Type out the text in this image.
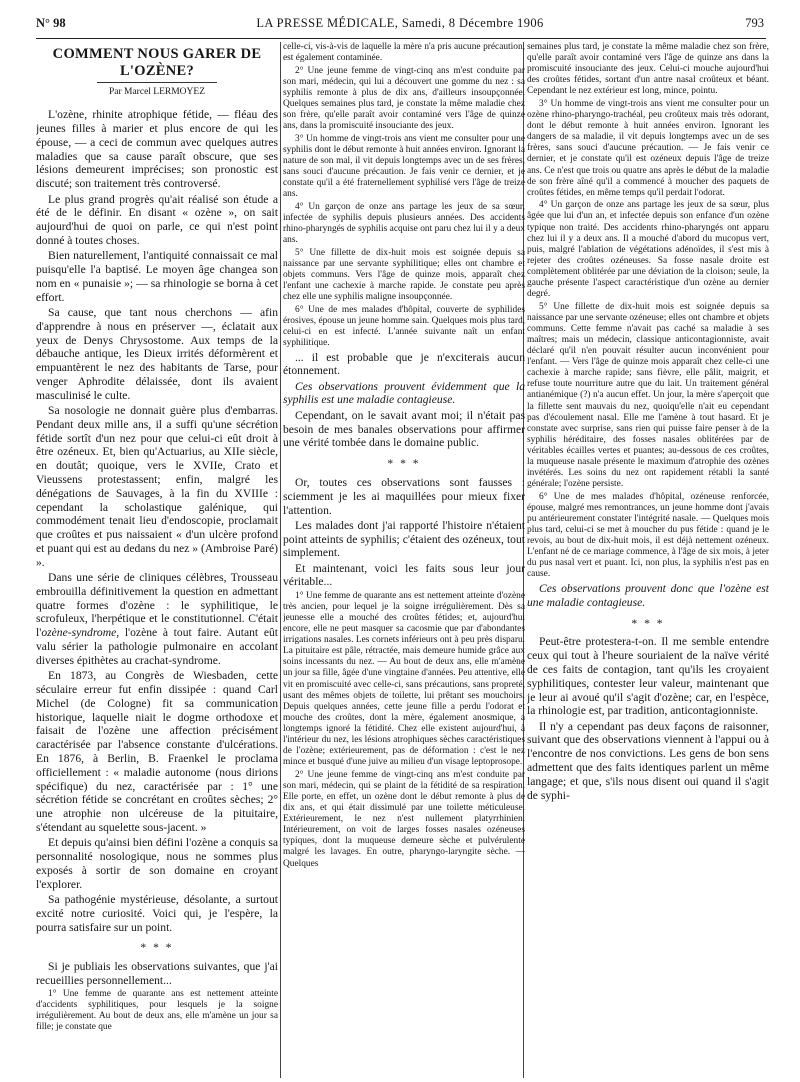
LA PRESSE MÉDICALE, Samedi, 8 Décembre 1906
N° 98	793

COMMENT NOUS GARER DE L'OZÈNE?

Par Marcel LERMOYEZ

L'ozène, rhinite atrophique fétide, — fléau des jeunes filles à marier et plus encore de qui les épouse, — a ceci de commun avec quelques autres maladies que sa cause paraît obscure, que ses lésions demeurent imprécises; son pronostic est discuté; son traitement très controversé.

Le plus grand progrès qu'ait réalisé son étude a été de le définir. En disant « ozène », on sait aujourd'hui de quoi on parle, ce qui n'est point donné à toutes choses.

Bien naturellement, l'antiquité connaissait ce mal puisqu'elle l'a baptisé. Le moyen âge changea son nom en « punaisie »; — sa rhinologie se borna à cet effort.

Sa cause, que tant nous cherchons — afin d'apprendre à nous en préserver —, éclatait aux yeux de Denys Chrysostome. Aux temps de la débauche antique, les Dieux irrités déformèrent et empuantèrent le nez des habitants de Tarse, pour venger Aphrodite délaissée, dont ils avaient masculinisé le culte.

Sa nosologie ne donnait guère plus d'embarras. Pendant deux mille ans, il a suffi qu'une sécrétion fétide sortît d'un nez pour que celui-ci eût droit à être ozéneux. Et, bien qu'Actuarius, au XIIe siècle, en doutât; quoique, vers le XVIIe, Crato et Vieussens protestassent; enfin, malgré les dénégations de Sauvages, à la fin du XVIIIe : cependant la scholastique galénique, qui commodément tenait lieu d'endoscopie, proclamait que croûtes et pus naissaient « d'un ulcère profond et puant qui est au dedans du nez » (Ambroise Paré) ».

Dans une série de cliniques célèbres, Trousseau embrouilla définitivement la question en admettant quatre formes d'ozène : le syphilitique, le scrofuleux, l'herpétique et le constitutionnel. C'était l'ozène-syndrome, l'ozène à tout faire. Autant eût valu sérier la pathologie pulmonaire en accolant diverses épithètes au crachat-syndrome.

En 1873, au Congrès de Wiesbaden, cette séculaire erreur fut enfin dissipée : quand Carl Michel (de Cologne) fit sa communication historique, laquelle niait le dogme orthodoxe et faisait de l'ozène une affection précisément caractérisée par l'absence constante d'ulcérations. En 1876, à Berlin, B. Fraenkel le proclama officiellement : « maladie autonome (nous dirions spécifique) du nez, caractérisée par : 1° une sécrétion fétide se concrétant en croûtes sèches; 2° une atrophie non ulcéreuse de la pituitaire, s'étendant au squelette sous-jacent. »

Et depuis qu'ainsi bien défini l'ozène a conquis sa personnalité nosologique, nous ne sommes plus exposés à sortir de son domaine en croyant l'explorer.

Sa pathogénie mystérieuse, désolante, a surtout excité notre curiosité. Voici qui, je l'espère, la pourra satisfaire sur un point.

* * *

Si je publiais les observations suivantes, que j'ai recueillies personnellement...

1° Une femme de quarante ans est nettement atteinte d'accidents syphilitiques, pour lesquels je la soigne irrégulièrement. Au bout de deux ans, elle m'amène un jour sa fille; je constate que

celle-ci, vis-à-vis de laquelle la mère n'a pris aucune précaution, est également contaminée.

2° Une jeune femme de vingt-cinq ans m'est conduite par son mari, médecin, qui lui a découvert une gomme du nez : sa syphilis remonte à plus de dix ans, d'ailleurs insoupçonnée. Quelques semaines plus tard, je constate la même maladie chez son frère, qu'elle paraît avoir contaminé vers l'âge de quinze ans, dans la promiscuité insouciante des jeux.

3° Un homme de vingt-trois ans vient me consulter pour une syphilis dont le début remonte à huit années environ. Ignorant la nature de son mal, il vit depuis longtemps avec un de ses frères, sans souci d'aucune précaution. Je fais venir ce dernier, et je constate qu'il a été fraternellement syphilisé vers l'âge de treize ans.

4° Un garçon de onze ans partage les jeux de sa sœur, infectée de syphilis depuis plusieurs années. Des accidents rhino-pharyngés de syphilis acquise ont paru chez lui il y a deux ans.

5° Une fillette de dix-huit mois est soignée depuis sa naissance par une servante syphilitique; elles ont chambre et objets communs. Vers l'âge de quinze mois, apparaît chez l'enfant une cachexie à marche rapide. Je constate peu après chez elle une syphilis maligne insoupçonnée.

6° Une de mes malades d'hôpital, couverte de syphilides érosives, épouse un jeune homme sain. Quelques mois plus tard, celui-ci en est infecté. L'année suivante naît un enfant syphilitique.

... il est probable que je n'exciterais aucun étonnement.

Ces observations prouvent évidemment que la syphilis est une maladie contagieuse.

Cependant, on le savait avant moi; il n'était pas besoin de mes banales observations pour affirmer une vérité tombée dans le domaine public.

* * *

Or, toutes ces observations sont fausses : sciemment je les ai maquillées pour mieux fixer l'attention.

Les malades dont j'ai rapporté l'histoire n'étaient point atteints de syphilis; c'étaient des ozéneux, tout simplement.

Et maintenant, voici les faits sous leur jour véritable...

1° Une femme de quarante ans est nettement atteinte d'ozène très ancien, pour lequel je la soigne irrégulièrement. Dès sa jeunesse elle a mouché des croûtes fétides; et, aujourd'hui encore, elle ne peut masquer sa cacosmie que par d'abondantes irrigations nasales. Les cornets inférieurs ont à peu près disparu. La pituitaire est pâle, rétractée, mais demeure humide grâce aux soins incessants du nez. — Au bout de deux ans, elle m'amène un jour sa fille, âgée d'une vingtaine d'années. Peu attentive, elle vit en promiscuité avec celle-ci, sans précautions, sans propreté, usant des mêmes objets de toilette, lui prêtant ses mouchoirs. Depuis quelques années, cette jeune fille a perdu l'odorat et mouche des croûtes, dont la mère, également anosmique, a longtemps ignoré la fétidité. Chez elle existent aujourd'hui, à l'intérieur du nez, les lésions atrophiques sèches caractéristiques de l'ozène; extérieurement, pas de déformation : c'est le nez mince et busqué d'une juive au milieu d'un visage leptoprosope.

2° Une jeune femme de vingt-cinq ans m'est conduite par son mari, médecin, qui se plaint de la fétidité de sa respiration. Elle porte, en effet, un ozène dont le début remonte à plus de dix ans, et qui était dissimulé par une toilette méticuleuse. Extérieurement, le nez n'est nullement platyrrhinien. Intérieurement, on voit de larges fosses nasales ozéneuses typiques, dont la muqueuse demeure sèche et pulvérulente malgré les lavages. En outre, pharyngo-laryngite sèche. — Quelques

semaines plus tard, je constate la même maladie chez son frère, qu'elle paraît avoir contaminé vers l'âge de quinze ans dans la promiscuité insouciante des jeux. Celui-ci mouche aujourd'hui des croûtes fétides, sortant d'un antre nasal croûteux et béant. Cependant le nez extérieur est long, mince, pointu.

3° Un homme de vingt-trois ans vient me consulter pour un ozène rhino-pharyngo-trachéal, peu croûteux mais très odorant, dont le début remonte à huit années environ. Ignorant les dangers de sa maladie, il vit depuis longtemps avec un de ses frères, sans souci d'aucune précaution. — Je fais venir ce dernier, et je constate qu'il est ozéneux depuis l'âge de treize ans. Ce n'est que trois ou quatre ans après le début de la maladie de son frère aîné qu'il a commencé à moucher des paquets de croûtes fétides, en même temps qu'il perdait l'odorat.

4° Un garçon de onze ans partage les jeux de sa sœur, plus âgée que lui d'un an, et infectée depuis son enfance d'un ozène typique non traité. Des accidents rhino-pharyngés ont apparu chez lui il y a deux ans. Il a mouché d'abord du mucopus vert, puis, malgré l'ablation de végétations adénoïdes, il s'est mis à rejeter des croûtes ozéneuses. Sa fosse nasale droite est complètement oblitérée par une déviation de la cloison; seule, la gauche présente l'aspect caractéristique d'un ozène au dernier degré.

5° Une fillette de dix-huit mois est soignée depuis sa naissance par une servante ozéneuse; elles ont chambre et objets communs. Cette femme n'avait pas caché sa maladie à ses maîtres; mais un médecin, classique anticontagionniste, avait déclaré qu'il n'en pouvait résulter aucun inconvénient pour l'enfant. — Vers l'âge de quinze mois apparaît chez celle-ci une cachexie à marche rapide; sans fièvre, elle pâlit, maigrit, et refuse toute nourriture autre que du lait. Un traitement général antianémique (?) n'a aucun effet. Un jour, la mère s'aperçoit que la fillette sent mauvais du nez, quoiqu'elle n'ait eu cependant pas d'écoulement nasal. Elle me l'amène à tout hasard. Et je constate avec surprise, sans rien qui puisse faire penser à de la syphilis héréditaire, des fosses nasales oblitérées par de véritables écailles vertes et puantes; au-dessous de ces croûtes, la muqueuse nasale présente le maximum d'atrophie des ozènes invétérés. Les soins du nez ont rapidement rétabli la santé générale; l'ozène persiste.

6° Une de mes malades d'hôpital, ozéneuse renforcée, épouse, malgré mes remontrances, un jeune homme dont j'avais pu antérieurement constater l'intégrité nasale. — Quelques mois plus tard, celui-ci se met à moucher du pus fétide : quand je le revois, au bout de dix-huit mois, il est déjà nettement ozéneux. L'enfant né de ce mariage commence, à l'âge de six mois, à jeter du pus nasal vert et puant. Ici, non plus, la syphilis n'est pas en cause.

Ces observations prouvent donc que l'ozène est une maladie contagieuse.

* * *

Peut-être protestera-t-on. Il me semble entendre ceux qui tout à l'heure souriaient de la naïve vérité de ces faits de contagion, tant qu'ils les croyaient syphilitiques, contester leur valeur, maintenant que je leur ai avoué qu'il s'agit d'ozène; car, en l'espèce, la rhinologie est, par tradition, anticontagionniste.

Il n'y a cependant pas deux façons de raisonner, suivant que des observations viennent à l'appui ou à l'encontre de nos convictions. Les gens de bon sens admettent que des faits identiques parlent un même langage; et que, s'ils nous disent oui quand il s'agit de syphi-
